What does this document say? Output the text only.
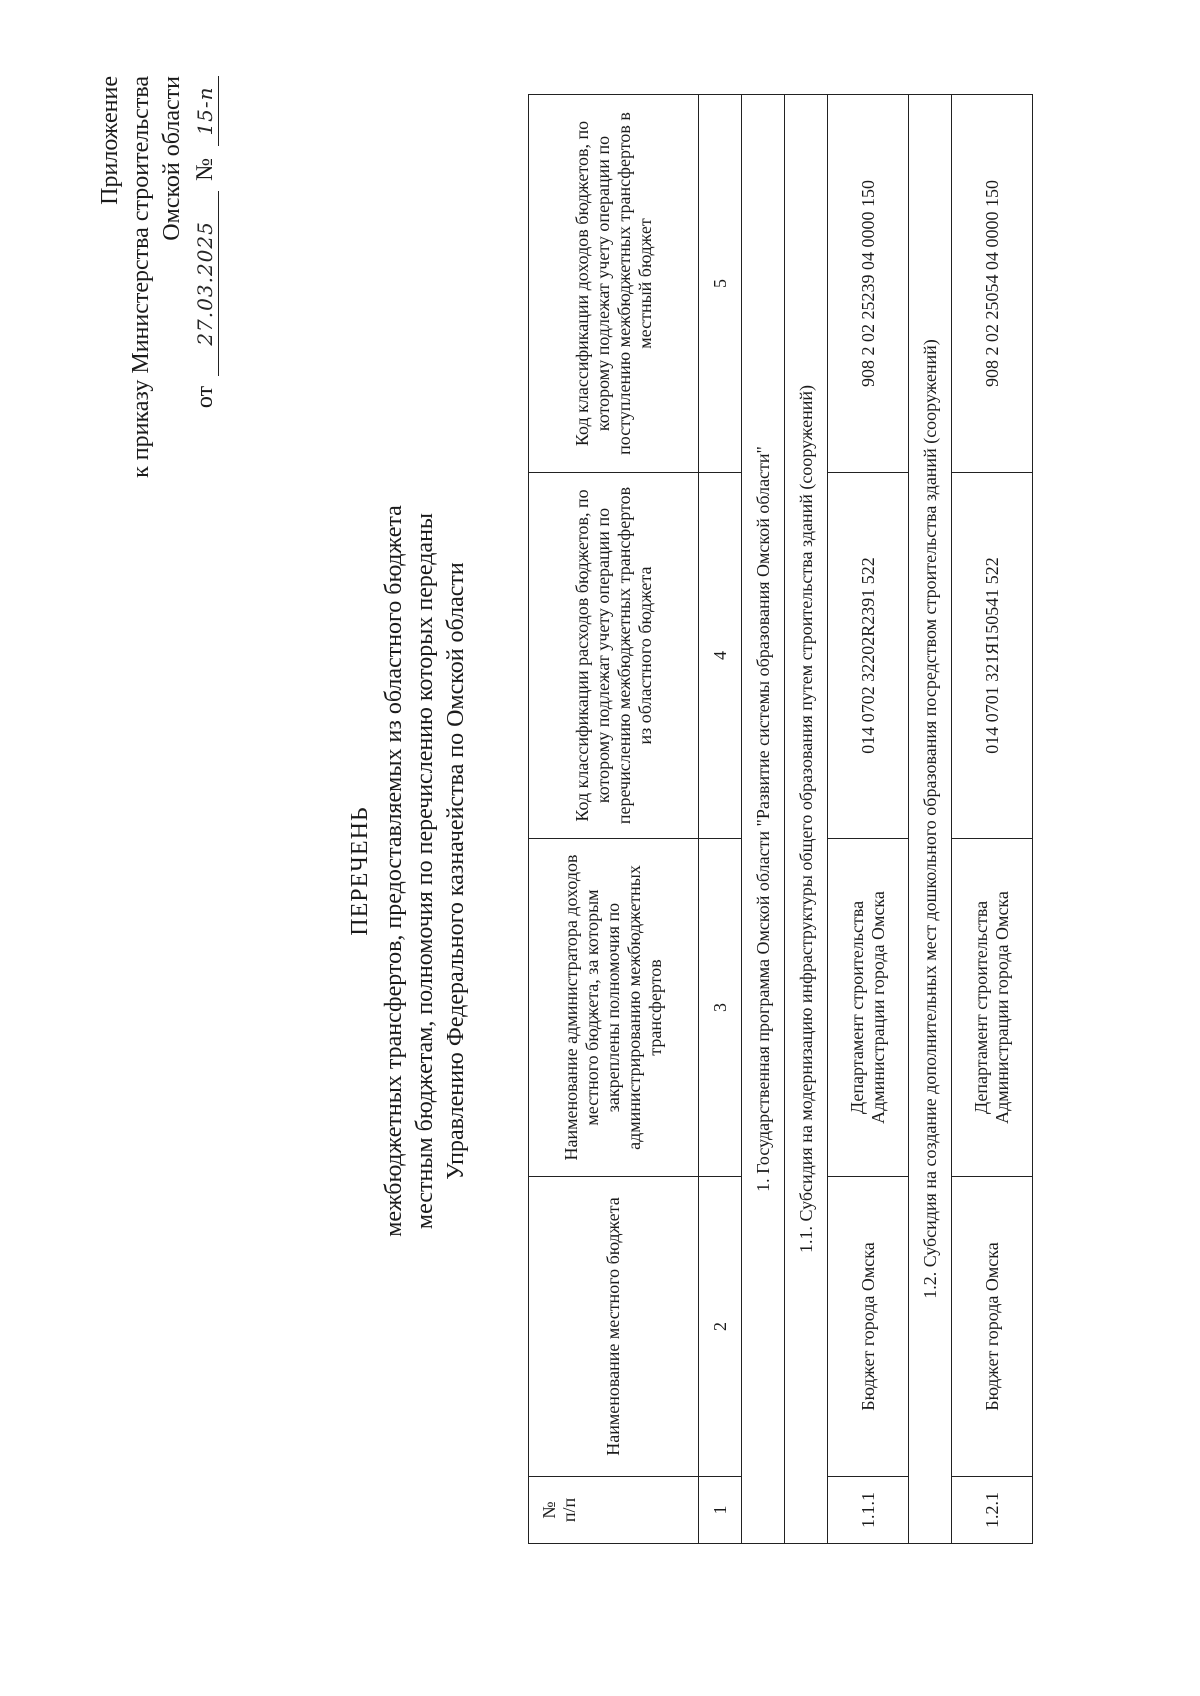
Приложение к приказу Министерства строительства Омской области
от 27.03.2025 № 15-п
ПЕРЕЧЕНЬ межбюджетных трансфертов, предоставляемых из областного бюджета местным бюджетам, полномочия по перечислению которых переданы Управлению Федерального казначейства по Омской области
№ п/п	Наименование местного бюджета	Наименование администратора доходов местного бюджета, за которым закреплены полномочия по администрированию межбюджетных трансфертов	Код классификации расходов бюджетов, по которому подлежат учету операции по перечислению межбюджетных трансфертов из областного бюджета	Код классификации доходов бюджетов, по которому подлежат учету операции по поступлению межбюджетных трансфертов в местный бюджет
1	2	3	4	5
1. Государственная программа Омской области "Развитие системы образования Омской области"				
1.1. Субсидия на модернизацию инфраструктуры общего образования путем строительства зданий (сооружений)				
1.1.1	Бюджет города Омска	Департамент строительства Администрации города Омска	014 0702 32202R2391 522	908 2 02 25239 04 0000 150
1.2. Субсидия на создание дополнительных мест дошкольного образования посредством строительства зданий (сооружений)				
1.2.1	Бюджет города Омска	Департамент строительства Администрации города Омска	014 0701 321Я150541 522	908 2 02 25054 04 0000 150
